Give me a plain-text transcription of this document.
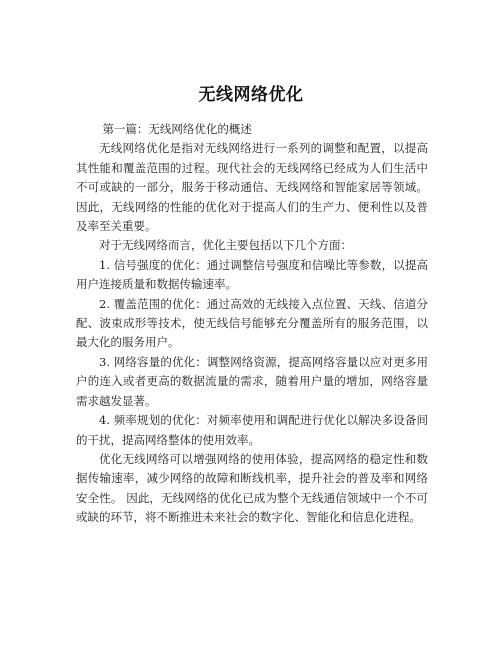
无线网络优化

第一篇：无线网络优化的概述

无线网络优化是指对无线网络进行一系列的调整和配置，以提高其性能和覆盖范围的过程。现代社会的无线网络已经成为人们生活中不可或缺的一部分，服务于移动通信、无线网络和智能家居等领域。因此，无线网络的性能的优化对于提高人们的生产力、便利性以及普及率至关重要。

对于无线网络而言，优化主要包括以下几个方面：

1. 信号强度的优化：通过调整信号强度和信噪比等参数，以提高用户连接质量和数据传输速率。

2. 覆盖范围的优化：通过高效的无线接入点位置、天线、信道分配、波束成形等技术，使无线信号能够充分覆盖所有的服务范围，以最大化的服务用户。

3. 网络容量的优化：调整网络资源，提高网络容量以应对更多用户的连入或者更高的数据流量的需求，随着用户量的增加，网络容量需求越发显著。

4. 频率规划的优化：对频率使用和调配进行优化以解决多设备间的干扰，提高网络整体的使用效率。

优化无线网络可以增强网络的使用体验，提高网络的稳定性和数据传输速率，减少网络的故障和断线机率，提升社会的普及率和网络安全性。 因此，无线网络的优化已成为整个无线通信领域中一个不可或缺的环节，将不断推进未来社会的数字化、智能化和信息化进程。
